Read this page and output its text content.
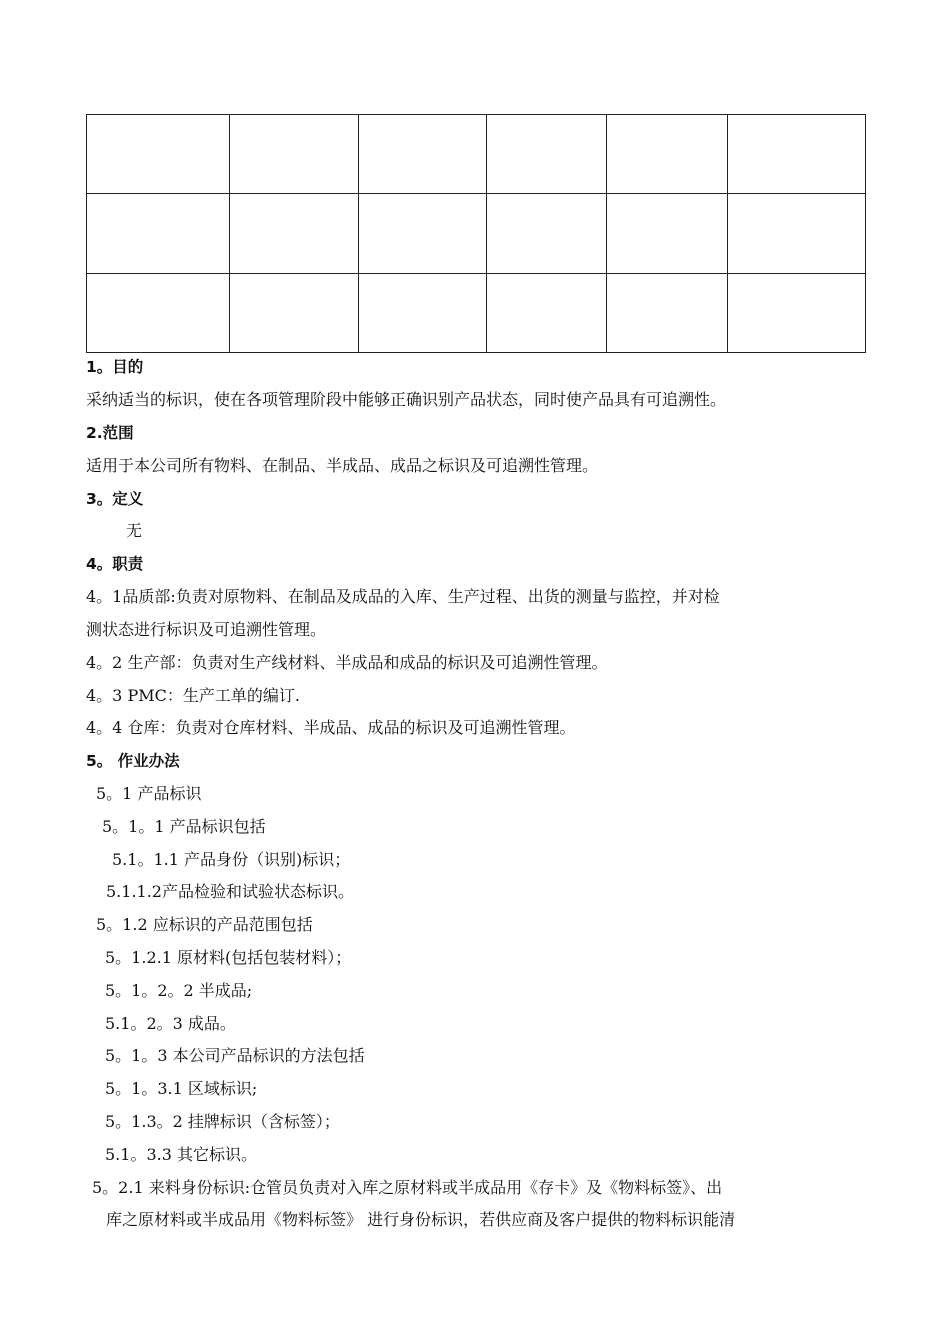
1。目的
采纳适当的标识，使在各项管理阶段中能够正确识别产品状态，同时使产品具有可追溯性。
2.范围
适用于本公司所有物料、在制品、半成品、成品之标识及可追溯性管理。
3。定义
无
4。职责
4。1品质部:负责对原物料、在制品及成品的入库、生产过程、出货的测量与监控，并对检
测状态进行标识及可追溯性管理。
4。2 生产部：负责对生产线材料、半成品和成品的标识及可追溯性管理。
4。3 PMC：生产工单的编订.
4。4 仓库：负责对仓库材料、半成品、成品的标识及可追溯性管理。
5。 作业办法
5。1 产品标识
5。1。1 产品标识包括
5.1。1.1 产品身份（识别)标识；
5.1.1.2产品检验和试验状态标识。
5。1.2 应标识的产品范围包括
5。1.2.1 原材料(包括包装材料）；
5。1。2。2 半成品;
5.1。2。3 成品。
5。1。3 本公司产品标识的方法包括
5。1。3.1 区域标识;
5。1.3。2 挂牌标识（含标签）；
5.1。3.3 其它标识。
5。2.1 来料身份标识:仓管员负责对入库之原材料或半成品用《存卡》及《物料标签》、出
库之原材料或半成品用《物料标签》 进行身份标识，若供应商及客户提供的物料标识能清
